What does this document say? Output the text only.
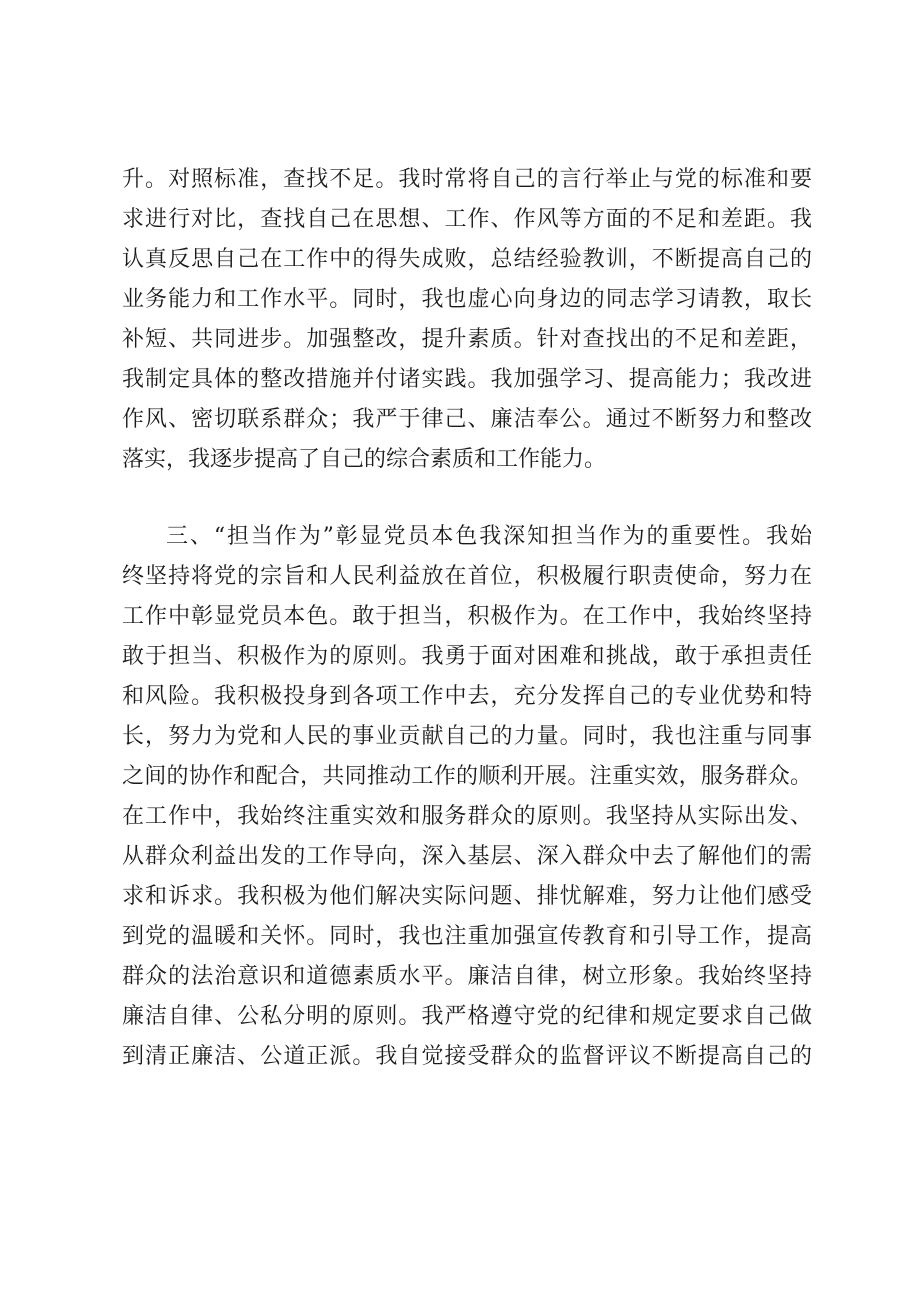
升。对照标准，查找不足。我时常将自己的言行举止与党的标准和要
求进行对比，查找自己在思想、工作、作风等方面的不足和差距。我
认真反思自己在工作中的得失成败，总结经验教训，不断提高自己的
业务能力和工作水平。同时，我也虚心向身边的同志学习请教，取长
补短、共同进步。加强整改，提升素质。针对查找出的不足和差距，
我制定具体的整改措施并付诸实践。我加强学习、提高能力；我改进
作风、密切联系群众；我严于律己、廉洁奉公。通过不断努力和整改
落实，我逐步提高了自己的综合素质和工作能力。
三、“担当作为”彰显党员本色我深知担当作为的重要性。我始
终坚持将党的宗旨和人民利益放在首位，积极履行职责使命，努力在
工作中彰显党员本色。敢于担当，积极作为。在工作中，我始终坚持
敢于担当、积极作为的原则。我勇于面对困难和挑战，敢于承担责任
和风险。我积极投身到各项工作中去，充分发挥自己的专业优势和特
长，努力为党和人民的事业贡献自己的力量。同时，我也注重与同事
之间的协作和配合，共同推动工作的顺利开展。注重实效，服务群众。
在工作中，我始终注重实效和服务群众的原则。我坚持从实际出发、
从群众利益出发的工作导向，深入基层、深入群众中去了解他们的需
求和诉求。我积极为他们解决实际问题、排忧解难，努力让他们感受
到党的温暖和关怀。同时，我也注重加强宣传教育和引导工作，提高
群众的法治意识和道德素质水平。廉洁自律，树立形象。我始终坚持
廉洁自律、公私分明的原则。我严格遵守党的纪律和规定要求自己做
到清正廉洁、公道正派。我自觉接受群众的监督评议不断提高自己的
